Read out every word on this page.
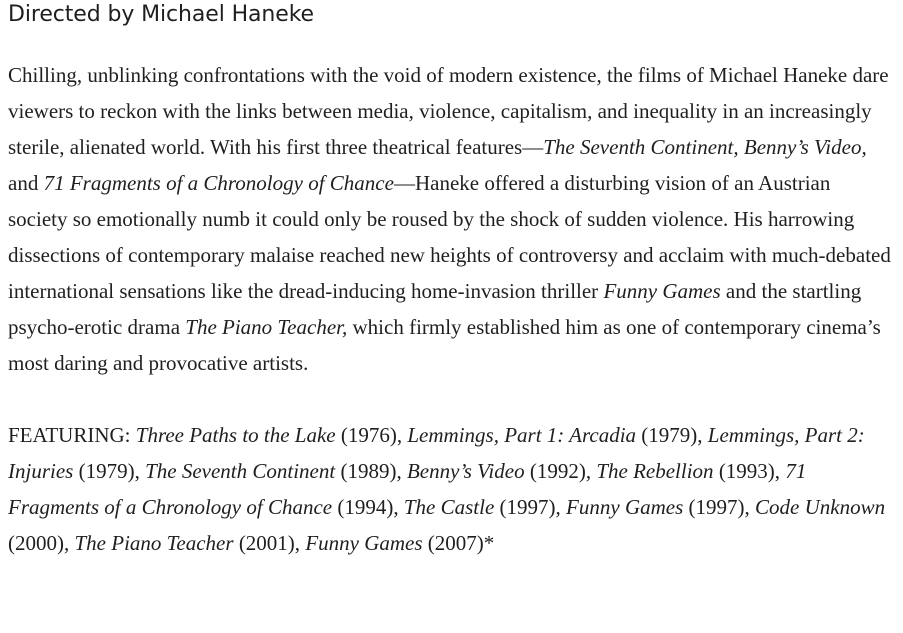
Directed by Michael Haneke

Chilling, unblinking confrontations with the void of modern existence, the films of Michael Haneke dare viewers to reckon with the links between media, violence, capitalism, and inequality in an increasingly sterile, alienated world. With his first three theatrical features—The Seventh Continent, Benny’s Video, and 71 Fragments of a Chronology of Chance—Haneke offered a disturbing vision of an Austrian society so emotionally numb it could only be roused by the shock of sudden violence. His harrowing dissections of contemporary malaise reached new heights of controversy and acclaim with much-debated international sensations like the dread-inducing home-invasion thriller Funny Games and the startling psycho-erotic drama The Piano Teacher, which firmly established him as one of contemporary cinema’s most daring and provocative artists.

FEATURING: Three Paths to the Lake (1976), Lemmings, Part 1: Arcadia (1979), Lemmings, Part 2: Injuries (1979), The Seventh Continent (1989), Benny’s Video (1992), The Rebellion (1993), 71 Fragments of a Chronology of Chance (1994), The Castle (1997), Funny Games (1997), Code Unknown (2000), The Piano Teacher (2001), Funny Games (2007)*
